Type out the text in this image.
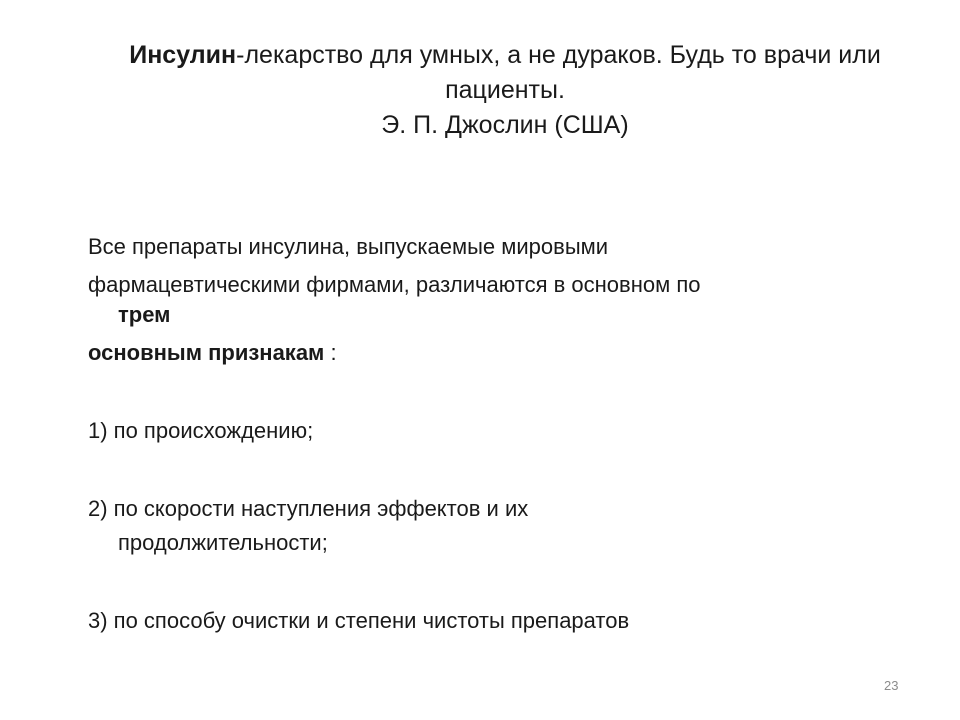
Инсулин-лекарство для умных, а не дураков. Будь то врачи или
пациенты.
Э. П. Джослин (США)
Все препараты инсулина, выпускаемые мировыми
фармацевтическими фирмами, различаются в основном по
трем
основным признакам :
1) по происхождению;
2) по скорости наступления эффектов и их
продолжительности;
3) по способу очистки и степени чистоты препаратов
23
